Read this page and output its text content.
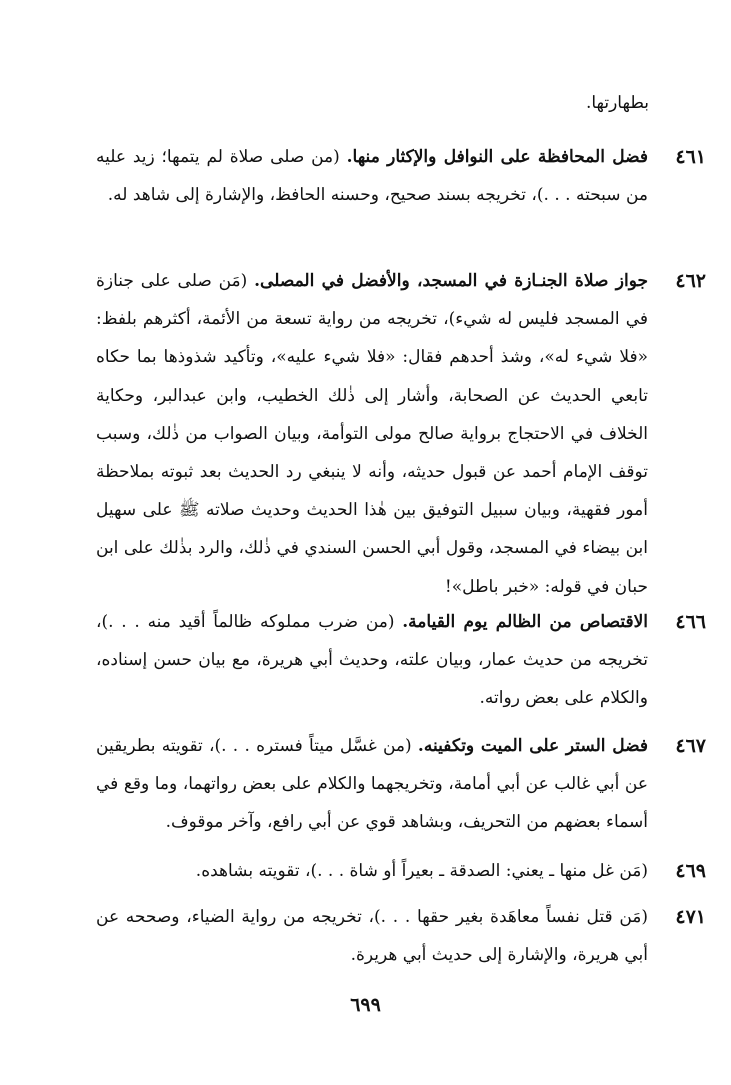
بطهارتها.
٤٦١
فضل المحافظة على النوافل والإكثار منها. (من صلى صلاة لم يتمها؛ زيد عليه من سبحته . . .)، تخريجه بسند صحيح، وحسنه الحافظ، والإشارة إلى شاهد له.
٤٦٢
جواز صلاة الجنـازة في المسجد، والأفضل في المصلى. (مَن صلى على جنازة في المسجد فليس له شيء)، تخريجه من رواية تسعة من الأئمة، أكثرهم بلفظ: «فلا شيء له»، وشذ أحدهم فقال: «فلا شيء عليه»، وتأكيد شذوذها بما حكاه تابعي الحديث عن الصحابة، وأشار إلى ذٰلك الخطيب، وابن عبدالبر، وحكاية الخلاف في الاحتجاج برواية صالح مولى التوأمة، وبيان الصواب من ذٰلك، وسبب توقف الإمام أحمد عن قبول حديثه، وأنه لا ينبغي رد الحديث بعد ثبوته بملاحظة أمور فقهية، وبيان سبيل التوفيق بين هٰذا الحديث وحديث صلاته ﷺ على سهيل ابن بيضاء في المسجد، وقول أبي الحسن السندي في ذٰلك، والرد بذٰلك على ابن حبان في قوله: «خبر باطل»!
٤٦٦
الاقتصاص من الظالم يوم القيامة. (من ضرب مملوكه ظالماً أقيد منه . . .)، تخريجه من حديث عمار، وبيان علته، وحديث أبي هريرة، مع بيان حسن إسناده، والكلام على بعض رواته.
٤٦٧
فضل الستر على الميت وتكفينه. (من غسَّل ميتاً فستره . . .)، تقويته بطريقين عن أبي غالب عن أبي أمامة، وتخريجهما والكلام على بعض رواتهما، وما وقع في أسماء بعضهم من التحريف، وبشاهد قوي عن أبي رافع، وآخر موقوف.
٤٦٩
(مَن غل منها ـ يعني: الصدقة ـ بعيراً أو شاة . . .)، تقويته بشاهده.
٤٧١
(مَن قتل نفساً معاهَدة بغير حقها . . .)، تخريجه من رواية الضياء، وصححه عن أبي هريرة، والإشارة إلى حديث أبي هريرة.
٦٩٩
